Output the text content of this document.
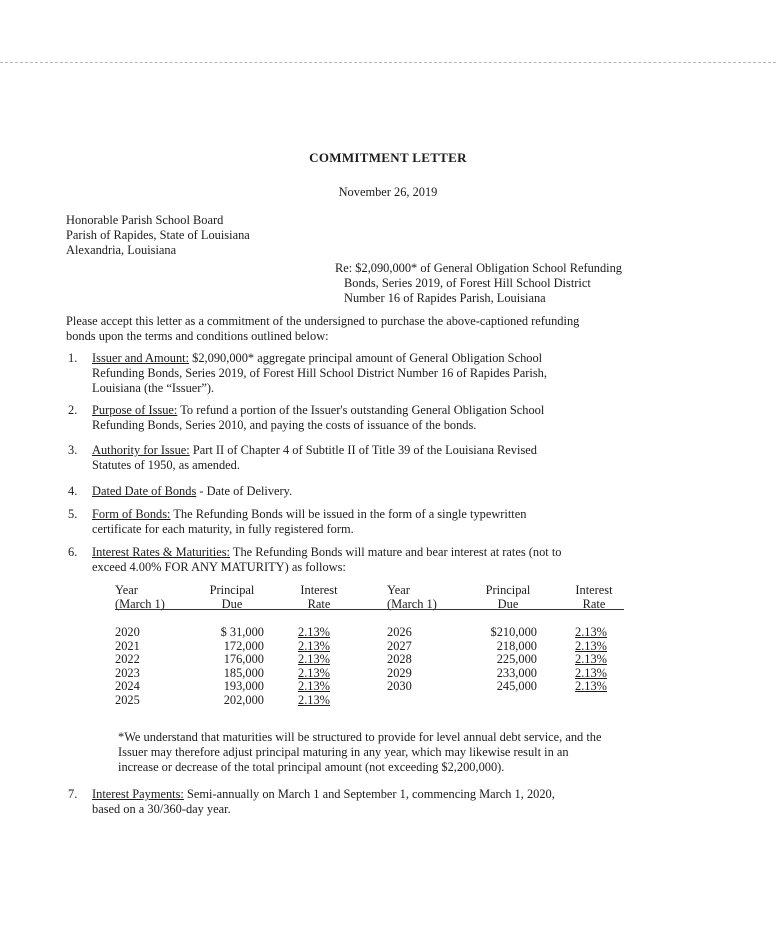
COMMITMENT LETTER
November 26, 2019
Honorable Parish School Board
Parish of Rapides, State of Louisiana
Alexandria, Louisiana
Re: $2,090,000* of General Obligation School Refunding
Bonds, Series 2019, of Forest Hill School District
Number 16 of Rapides Parish, Louisiana
Please accept this letter as a commitment of the undersigned to purchase the above-captioned refunding
bonds upon the terms and conditions outlined below:
1. Issuer and Amount: $2,090,000* aggregate principal amount of General Obligation School
Refunding Bonds, Series 2019, of Forest Hill School District Number 16 of Rapides Parish,
Louisiana (the “Issuer”).
2. Purpose of Issue: To refund a portion of the Issuer's outstanding General Obligation School
Refunding Bonds, Series 2010, and paying the costs of issuance of the bonds.
3. Authority for Issue: Part II of Chapter 4 of Subtitle II of Title 39 of the Louisiana Revised
Statutes of 1950, as amended.
4. Dated Date of Bonds - Date of Delivery.
5. Form of Bonds: The Refunding Bonds will be issued in the form of a single typewritten
certificate for each maturity, in fully registered form.
6. Interest Rates & Maturities: The Refunding Bonds will mature and bear interest at rates (not to
exceed 4.00% FOR ANY MATURITY) as follows:
Year
(March 1)
Principal
Due
Interest
Rate
Year
(March 1)
Principal
Due
Interest
Rate
2020
2021
2022
2023
2024
2025
$ 31,000
172,000
176,000
185,000
193,000
202,000
2.13%
2.13%
2.13%
2.13%
2.13%
2.13%
2026
2027
2028
2029
2030
$210,000
218,000
225,000
233,000
245,000
2.13%
2.13%
2.13%
2.13%
2.13%
*We understand that maturities will be structured to provide for level annual debt service, and the
Issuer may therefore adjust principal maturing in any year, which may likewise result in an
increase or decrease of the total principal amount (not exceeding $2,200,000).
7. Interest Payments: Semi-annually on March 1 and September 1, commencing March 1, 2020,
based on a 30/360-day year.
